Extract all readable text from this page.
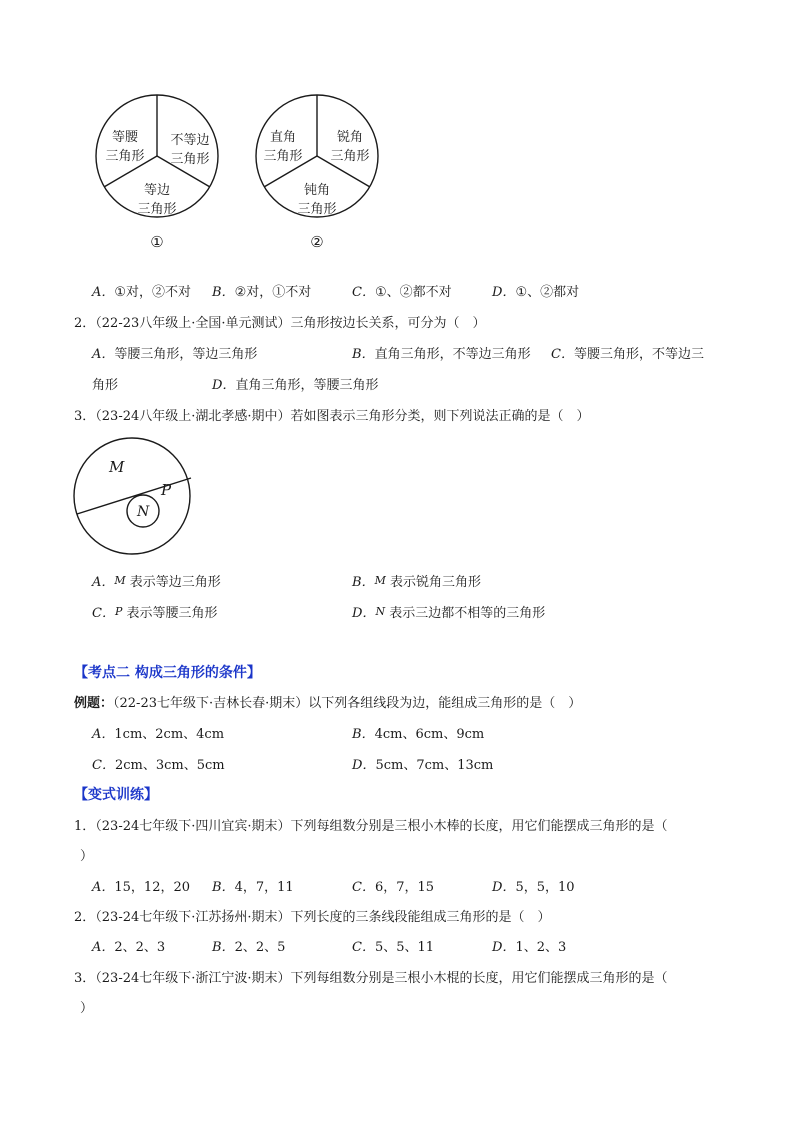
等腰
三角形
不等边
三角形
等边
三角形
①
直角
三角形
锐角
三角形
钝角
三角形
②
A．①对，②不对 B．②对，①不对	C．①、②都不对	D．①、②都对
2．（22-23八年级上·全国·单元测试）三角形按边长关系，可分为（　）
A．等腰三角形，等边三角形	B．直角三角形，不等边三角形 C．等腰三角形，不等边三
角形	D．直角三角形，等腰三角形
3．（23-24八年级上·湖北孝感·期中）若如图表示三角形分类，则下列说法正确的是（　）
M
P
N
A．M 表示等边三角形	B．M 表示锐角三角形
C．P 表示等腰三角形	D．N 表示三边都不相等的三角形
【考点二 构成三角形的条件】
例题：（22-23七年级下·吉林长春·期末）以下列各组线段为边，能组成三角形的是（　）
A．1cm、2cm、4cm	B．4cm、6cm、9cm
C．2cm、3cm、5cm	D．5cm、7cm、13cm
【变式训练】
1．（23-24七年级下·四川宜宾·期末）下列每组数分别是三根小木棒的长度，用它们能摆成三角形的是（
）
A．15，12，20 B．4，7，11	C．6，7，15	D．5，5，10
2．（23-24七年级下·江苏扬州·期末）下列长度的三条线段能组成三角形的是（　）
A．2、2、3	B．2、2、5	C．5、5、11	D．1、2、3
3．（23-24七年级下·浙江宁波·期末）下列每组数分别是三根小木棍的长度，用它们能摆成三角形的是（
）
